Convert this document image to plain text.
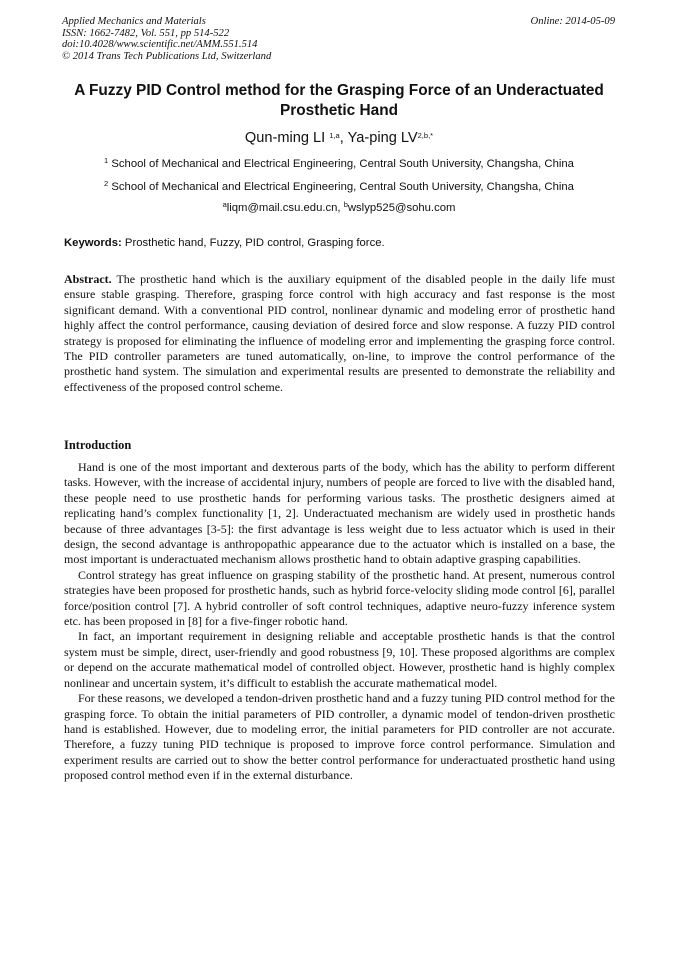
Applied Mechanics and Materials
ISSN: 1662-7482, Vol. 551, pp 514-522
doi:10.4028/www.scientific.net/AMM.551.514
© 2014 Trans Tech Publications Ltd, Switzerland
Online: 2014-05-09
A Fuzzy PID Control method for the Grasping Force of an Underactuated Prosthetic Hand
Qun-ming LI $^{1,a}$, Ya-ping $LV^{2,b,*}$
$^1$ School of Mechanical and Electrical Engineering, Central South University, Changsha, China
$^2$ School of Mechanical and Electrical Engineering, Central South University, Changsha, China
$^a$liqm@mail.csu.edu.cn, $^b$wslyp525@sohu.com
Keywords: Prosthetic hand, Fuzzy, PID control, Grasping force.
Abstract. The prosthetic hand which is the auxiliary equipment of the disabled people in the daily life must ensure stable grasping. Therefore, grasping force control with high accuracy and fast response is the most significant demand. With a conventional PID control, nonlinear dynamic and modeling error of prosthetic hand highly affect the control performance, causing deviation of desired force and slow response. A fuzzy PID control strategy is proposed for eliminating the influence of modeling error and implementing the grasping force control. The PID controller parameters are tuned automatically, on-line, to improve the control performance of the prosthetic hand system. The simulation and experimental results are presented to demonstrate the reliability and effectiveness of the proposed control scheme.
Introduction

Hand is one of the most important and dexterous parts of the body, which has the ability to perform different tasks. However, with the increase of accidental injury, numbers of people are forced to live with the disabled hand, these people need to use prosthetic hands for performing various tasks. The prosthetic designers aimed at replicating hand’s complex functionality [1, 2]. Underactuated mechanism are widely used in prosthetic hands because of three advantages [3-5]: the first advantage is less weight due to less actuator which is used in their design, the second advantage is anthropopathic appearance due to the actuator which is installed on a base, the most important is underactuated mechanism allows prosthetic hand to obtain adaptive grasping capabilities.

Control strategy has great influence on grasping stability of the prosthetic hand. At present, numerous control strategies have been proposed for prosthetic hands, such as hybrid force-velocity sliding mode control [6], parallel force/position control [7]. A hybrid controller of soft control techniques, adaptive neuro-fuzzy inference system etc. has been proposed in [8] for a five-finger robotic hand.

In fact, an important requirement in designing reliable and acceptable prosthetic hands is that the control system must be simple, direct, user-friendly and good robustness [9, 10]. These proposed algorithms are complex or depend on the accurate mathematical model of controlled object. However, prosthetic hand is highly complex nonlinear and uncertain system, it’s difficult to establish the accurate mathematical model.

For these reasons, we developed a tendon-driven prosthetic hand and a fuzzy tuning PID control method for the grasping force. To obtain the initial parameters of PID controller, a dynamic model of tendon-driven prosthetic hand is established. However, due to modeling error, the initial parameters for PID controller are not accurate. Therefore, a fuzzy tuning PID technique is proposed to improve force control performance. Simulation and experiment results are carried out to show the better control performance for underactuated prosthetic hand using proposed control method even if in the external disturbance.
